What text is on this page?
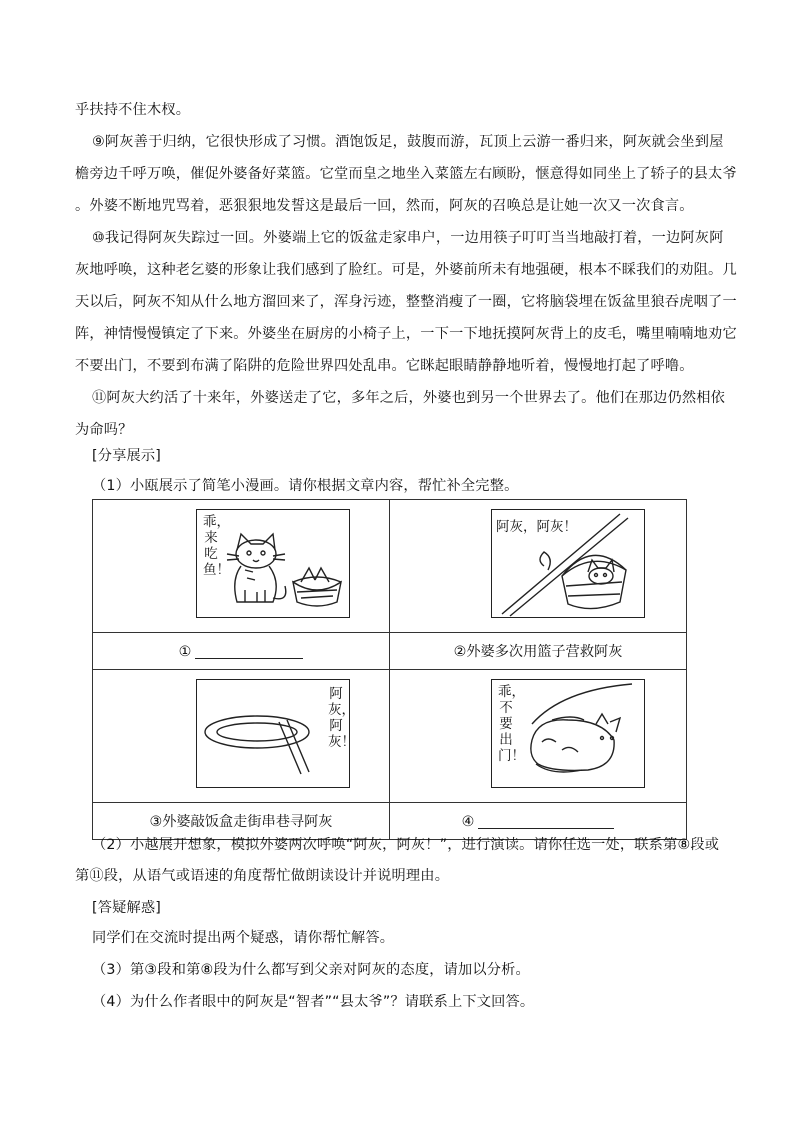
乎扶持不住木杈。
⑨阿灰善于归纳，它很快形成了习惯。酒饱饭足，鼓腹而游，瓦顶上云游一番归来，阿灰就会坐到屋
檐旁边千呼万唤，催促外婆备好菜篮。它堂而皇之地坐入菜篮左右顾盼，惬意得如同坐上了轿子的县太爷
。外婆不断地咒骂着，恶狠狠地发誓这是最后一回，然而，阿灰的召唤总是让她一次又一次食言。
⑩我记得阿灰失踪过一回。外婆端上它的饭盆走家串户，一边用筷子叮叮当当地敲打着，一边阿灰阿
灰地呼唤，这种老乞婆的形象让我们感到了脸红。可是，外婆前所未有地强硬，根本不睬我们的劝阻。几
天以后，阿灰不知从什么地方溜回来了，浑身污迹，整整消瘦了一圈，它将脑袋埋在饭盆里狼吞虎咽了一
阵，神情慢慢镇定了下来。外婆坐在厨房的小椅子上，一下一下地抚摸阿灰背上的皮毛，嘴里喃喃地劝它
不要出门，不要到布满了陷阱的危险世界四处乱串。它眯起眼睛静静地听着，慢慢地打起了呼噜。
⑪阿灰大约活了十来年，外婆送走了它，多年之后，外婆也到另一个世界去了。他们在那边仍然相依
为命吗？
[分享展示]
（1）小瓯展示了简笔小漫画。请你根据文章内容，帮忙补全完整。
乖，来吃鱼！	阿灰，阿灰！

①	②外婆多次用篮子营救阿灰

阿灰，阿灰！	乖，不要出门！

③外婆敲饭盒走街串巷寻阿灰	④
（2）小越展开想象，模拟外婆两次呼唤“阿灰，阿灰！”，进行演读。请你任选一处，联系第⑧段或
第⑪段，从语气或语速的角度帮忙做朗读设计并说明理由。
[答疑解惑]
同学们在交流时提出两个疑惑，请你帮忙解答。
（3）第③段和第⑧段为什么都写到父亲对阿灰的态度，请加以分析。
（4）为什么作者眼中的阿灰是“智者”“县太爷”？请联系上下文回答。
